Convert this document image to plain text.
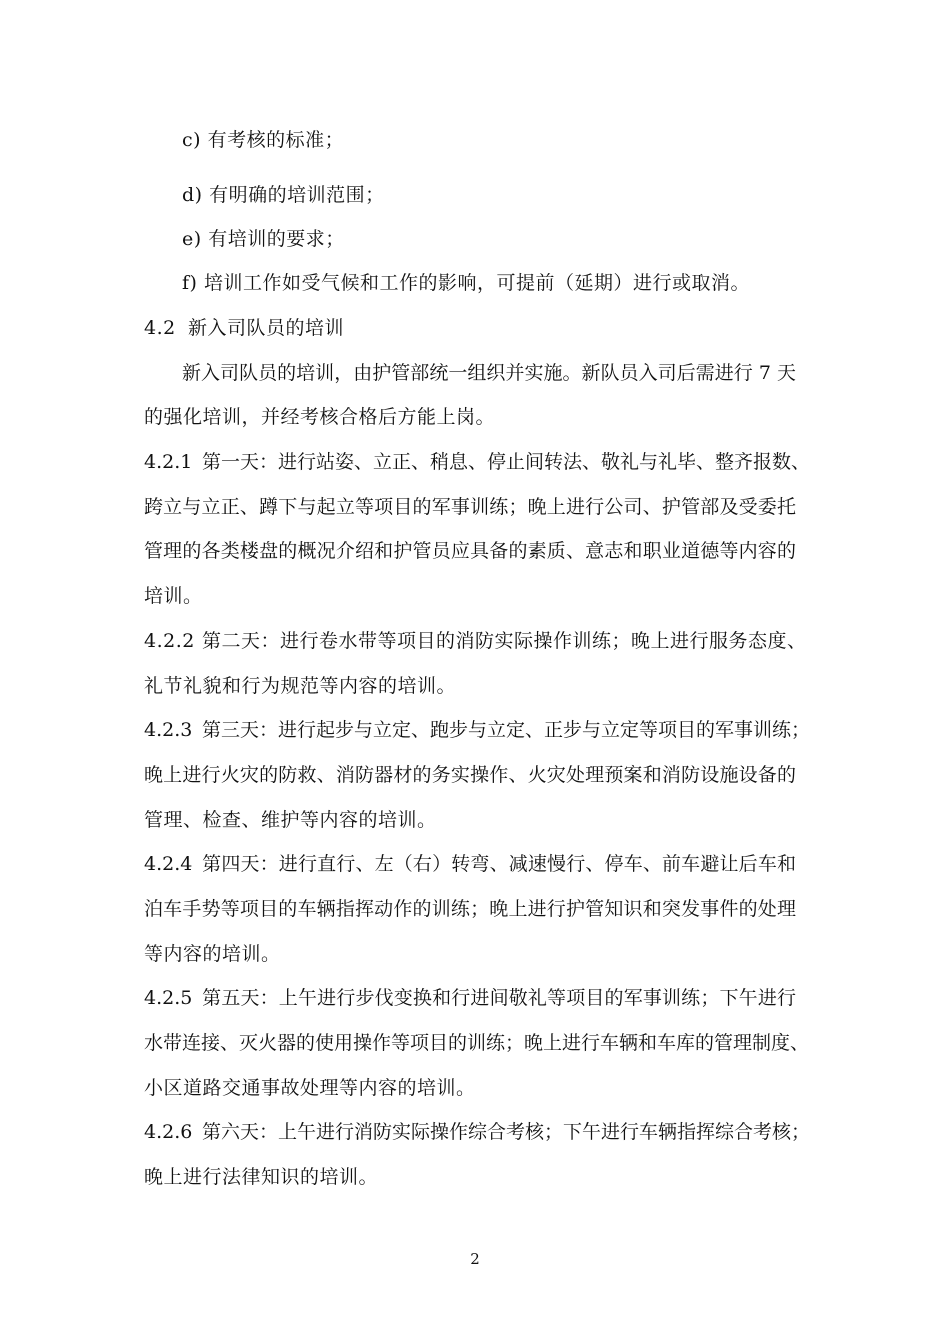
c) 有考核的标准；
d) 有明确的培训范围；
e) 有培训的要求；
f) 培训工作如受气候和工作的影响，可提前（延期）进行或取消。
4.2 新入司队员的培训
新入司队员的培训，由护管部统一组织并实施。新队员入司后需进行 7 天
的强化培训，并经考核合格后方能上岗。
4.2.1 第一天：进行站姿、立正、稍息、停止间转法、敬礼与礼毕、整齐报数、
跨立与立正、蹲下与起立等项目的军事训练；晚上进行公司、护管部及受委托
管理的各类楼盘的概况介绍和护管员应具备的素质、意志和职业道德等内容的
培训。
4.2.2 第二天：进行卷水带等项目的消防实际操作训练；晚上进行服务态度、
礼节礼貌和行为规范等内容的培训。
4.2.3 第三天：进行起步与立定、跑步与立定、正步与立定等项目的军事训练；
晚上进行火灾的防救、消防器材的务实操作、火灾处理预案和消防设施设备的
管理、检查、维护等内容的培训。
4.2.4 第四天：进行直行、左（右）转弯、减速慢行、停车、前车避让后车和
泊车手势等项目的车辆指挥动作的训练；晚上进行护管知识和突发事件的处理
等内容的培训。
4.2.5 第五天：上午进行步伐变换和行进间敬礼等项目的军事训练；下午进行
水带连接、灭火器的使用操作等项目的训练；晚上进行车辆和车库的管理制度、
小区道路交通事故处理等内容的培训。
4.2.6 第六天：上午进行消防实际操作综合考核；下午进行车辆指挥综合考核；
晚上进行法律知识的培训。
2
